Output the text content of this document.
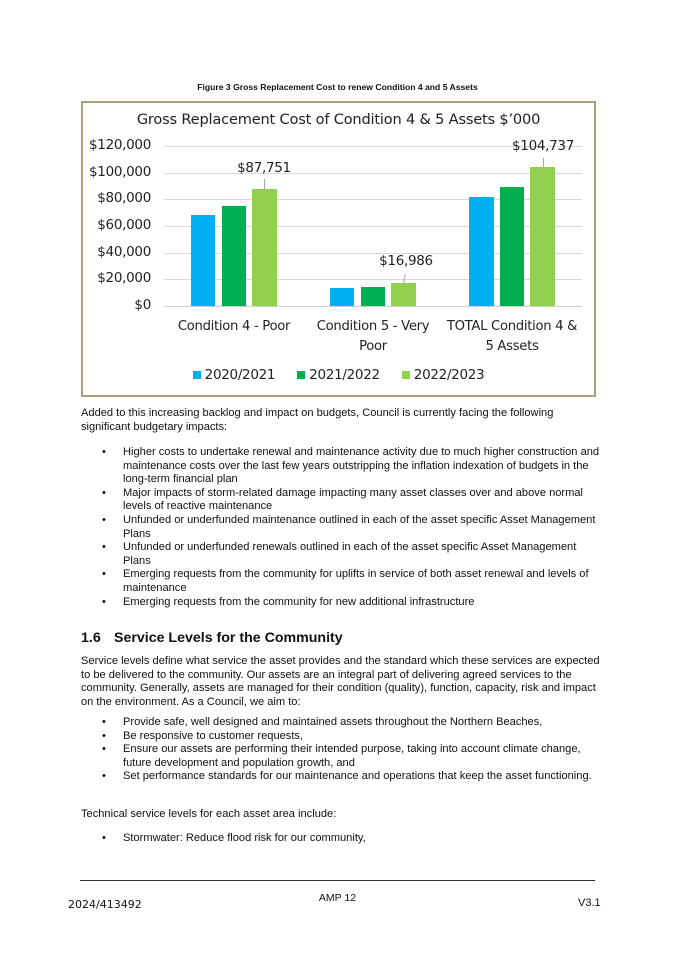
Figure 3 Gross Replacement Cost to renew Condition 4 and 5 Assets
Gross Replacement Cost of Condition 4 & 5 Assets $’000
$120,000
$100,000
$80,000
$60,000
$40,000
$20,000
$0
$87,751
$16,986
$104,737
Condition 4 - Poor	Condition 5 - Very
Poor
TOTAL Condition 4 &
5 Assets
2020/2021	2021/2022	2022/2023
Added to this increasing backlog and impact on budgets, Council is currently facing the following significant budgetary impacts:
• Higher costs to undertake renewal and maintenance activity due to much higher construction and maintenance costs over the last few years outstripping the inflation indexation of budgets in the long-term financial plan
• Major impacts of storm-related damage impacting many asset classes over and above normal levels of reactive maintenance
• Unfunded or underfunded maintenance outlined in each of the asset specific Asset Management Plans
• Unfunded or underfunded renewals outlined in each of the asset specific Asset Management Plans
• Emerging requests from the community for uplifts in service of both asset renewal and levels of maintenance
• Emerging requests from the community for new additional infrastructure
1.6 Service Levels for the Community
Service levels define what service the asset provides and the standard which these services are expected to be delivered to the community. Our assets are an integral part of delivering agreed services to the community. Generally, assets are managed for their condition (quality), function, capacity, risk and impact on the environment. As a Council, we aim to:
• Provide safe, well designed and maintained assets throughout the Northern Beaches,
• Be responsive to customer requests,
• Ensure our assets are performing their intended purpose, taking into account climate change, future development and population growth, and
• Set performance standards for our maintenance and operations that keep the asset functioning.
Technical service levels for each asset area include:
• Stormwater: Reduce flood risk for our community,
AMP 12
2024/413492	V3.1
